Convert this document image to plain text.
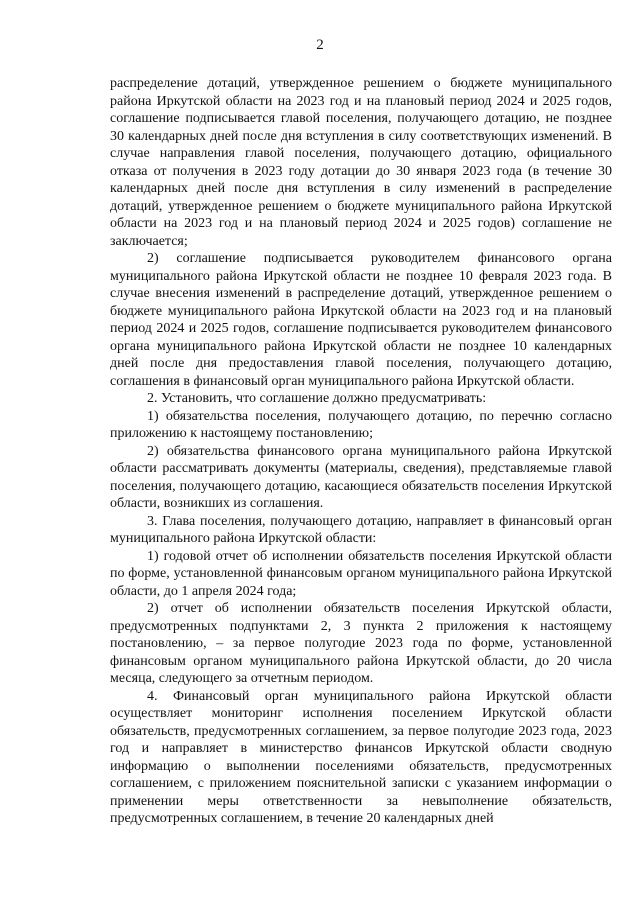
2

распределение дотаций, утвержденное решением о бюджете муниципального района Иркутской области на 2023 год и на плановый период 2024 и 2025 годов, соглашение подписывается главой поселения, получающего дотацию, не позднее 30 календарных дней после дня вступления в силу соответствующих изменений. В случае направления главой поселения, получающего дотацию, официального отказа от получения в 2023 году дотации до 30 января 2023 года (в течение 30 календарных дней после дня вступления в силу изменений в распределение дотаций, утвержденное решением о бюджете муниципального района Иркутской области на 2023 год и на плановый период 2024 и 2025 годов) соглашение не заключается;

2) соглашение подписывается руководителем финансового органа муниципального района Иркутской области не позднее 10 февраля 2023 года. В случае внесения изменений в распределение дотаций, утвержденное решением о бюджете муниципального района Иркутской области на 2023 год и на плановый период 2024 и 2025 годов, соглашение подписывается руководителем финансового органа муниципального района Иркутской области не позднее 10 календарных дней после дня предоставления главой поселения, получающего дотацию, соглашения в финансовый орган муниципального района Иркутской области.

2. Установить, что соглашение должно предусматривать:

1) обязательства поселения, получающего дотацию, по перечню согласно приложению к настоящему постановлению;

2) обязательства финансового органа муниципального района Иркутской области рассматривать документы (материалы, сведения), представляемые главой поселения, получающего дотацию, касающиеся обязательств поселения Иркутской области, возникших из соглашения.

3. Глава поселения, получающего дотацию, направляет в финансовый орган муниципального района Иркутской области:

1) годовой отчет об исполнении обязательств поселения Иркутской области по форме, установленной финансовым органом муниципального района Иркутской области, до 1 апреля 2024 года;

2) отчет об исполнении обязательств поселения Иркутской области, предусмотренных подпунктами 2, 3 пункта 2 приложения к настоящему постановлению, – за первое полугодие 2023 года по форме, установленной финансовым органом муниципального района Иркутской области, до 20 числа месяца, следующего за отчетным периодом.

4. Финансовый орган муниципального района Иркутской области осуществляет мониторинг исполнения поселением Иркутской области обязательств, предусмотренных соглашением, за первое полугодие 2023 года, 2023 год и направляет в министерство финансов Иркутской области сводную информацию о выполнении поселениями обязательств, предусмотренных соглашением, с приложением пояснительной записки с указанием информации о применении меры ответственности за невыполнение обязательств, предусмотренных соглашением, в течение 20 календарных дней
